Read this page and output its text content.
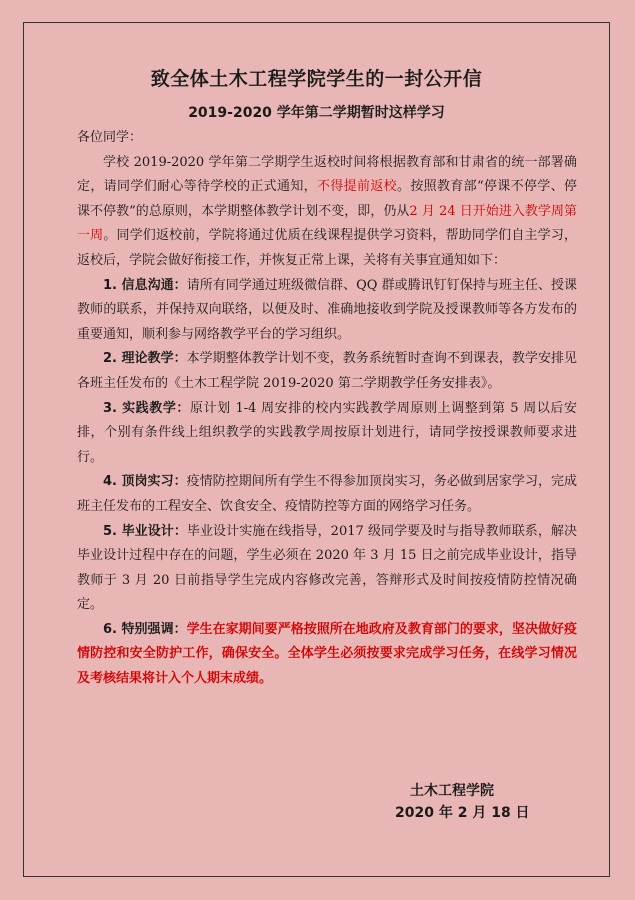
致全体土木工程学院学生的一封公开信
2019-2020 学年第二学期暂时这样学习

各位同学：

学校 2019-2020 学年第二学期学生返校时间将根据教育部和甘肃省的统一部署确定，请同学们耐心等待学校的正式通知，不得提前返校。按照教育部“停课不停学、停课不停教”的总原则，本学期整体教学计划不变，即，仍从2 月 24 日开始进入教学周第一周。同学们返校前，学院将通过优质在线课程提供学习资料，帮助同学们自主学习，返校后，学院会做好衔接工作，并恢复正常上课，关将有关事宜通知如下：

1. 信息沟通：请所有同学通过班级微信群、QQ 群或腾讯钉钉保持与班主任、授课教师的联系，并保持双向联络，以便及时、准确地接收到学院及授课教师等各方发布的重要通知，顺利参与网络教学平台的学习组织。

2. 理论教学：本学期整体教学计划不变，教务系统暂时查询不到课表，教学安排见各班主任发布的《土木工程学院 2019-2020 第二学期教学任务安排表》。

3. 实践教学：原计划 1-4 周安排的校内实践教学周原则上调整到第 5 周以后安排，个别有条件线上组织教学的实践教学周按原计划进行，请同学按授课教师要求进行。

4. 顶岗实习：疫情防控期间所有学生不得参加顶岗实习，务必做到居家学习，完成班主任发布的工程安全、饮食安全、疫情防控等方面的网络学习任务。

5. 毕业设计：毕业设计实施在线指导，2017 级同学要及时与指导教师联系，解决毕业设计过程中存在的问题，学生必须在 2020 年 3 月 15 日之前完成毕业设计，指导教师于 3 月 20 日前指导学生完成内容修改完善，答辩形式及时间按疫情防控情况确定。

6. 特别强调：学生在家期间要严格按照所在地政府及教育部门的要求，坚决做好疫情防控和安全防护工作，确保安全。全体学生必须按要求完成学习任务，在线学习情况及考核结果将计入个人期末成绩。

土木工程学院
2020 年 2 月 18 日
